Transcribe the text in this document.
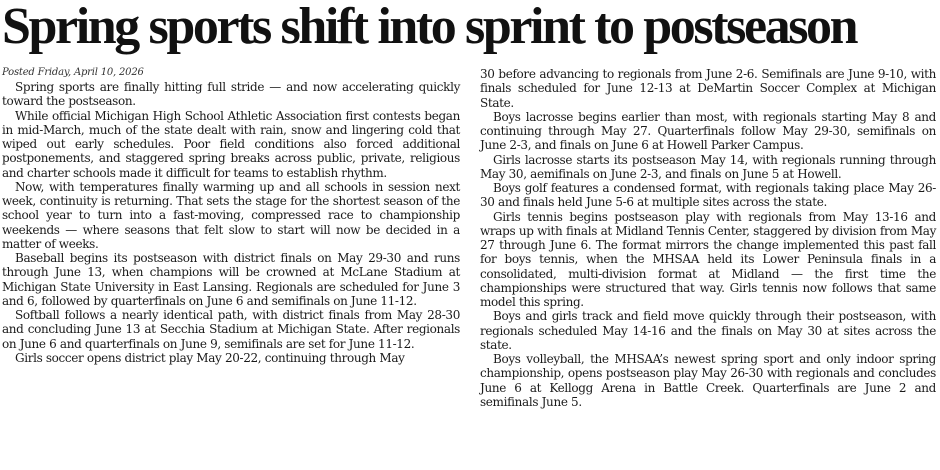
Spring sports shift into sprint to postseason
Posted Friday, April 10, 2026

Spring sports are finally hitting full stride — and now accelerating quickly toward the postseason.

While official Michigan High School Athletic Association first contests began in mid-March, much of the state dealt with rain, snow and lingering cold that wiped out early schedules. Poor field conditions also forced additional postponements, and staggered spring breaks across public, private, religious and charter schools made it difficult for teams to establish rhythm.

Now, with temperatures finally warming up and all schools in session next week, continuity is returning. That sets the stage for the shortest season of the school year to turn into a fast-moving, compressed race to championship weekends — where seasons that felt slow to start will now be decided in a matter of weeks.

Baseball begins its postseason with district finals on May 29-30 and runs through June 13, when champions will be crowned at McLane Stadium at Michigan State University in East Lansing. Regionals are scheduled for June 3 and 6, followed by quarterfinals on June 6 and semifinals on June 11-12.

Softball follows a nearly identical path, with district finals from May 28-30 and concluding June 13 at Secchia Stadium at Michigan State. After regionals on June 6 and quarterfinals on June 9, semifinals are set for June 11-12.

Girls soccer opens district play May 20-22, continuing through May

30 before advancing to regionals from June 2-6. Semifinals are June 9-10, with finals scheduled for June 12-13 at DeMartin Soccer Complex at Michigan State.

Boys lacrosse begins earlier than most, with regionals starting May 8 and continuing through May 27. Quarterfinals follow May 29-30, semifinals on June 2-3, and finals on June 6 at Howell Parker Campus.

Girls lacrosse starts its postseason May 14, with regionals running through May 30, aemifinals on June 2-3, and finals on June 5 at Howell.

Boys golf features a condensed format, with regionals taking place May 26-30 and finals held June 5-6 at multiple sites across the state.

Girls tennis begins postseason play with regionals from May 13-16 and wraps up with finals at Midland Tennis Center, staggered by division from May 27 through June 6. The format mirrors the change implemented this past fall for boys tennis, when the MHSAA held its Lower Peninsula finals in a consolidated, multi-division format at Midland — the first time the championships were structured that way. Girls tennis now follows that same model this spring.

Boys and girls track and field move quickly through their postseason, with regionals scheduled May 14-16 and the finals on May 30 at sites across the state.

Boys volleyball, the MHSAA’s newest spring sport and only indoor spring championship, opens postseason play May 26-30 with regionals and concludes June 6 at Kellogg Arena in Battle Creek. Quarterfinals are June 2 and semifinals June 5.
